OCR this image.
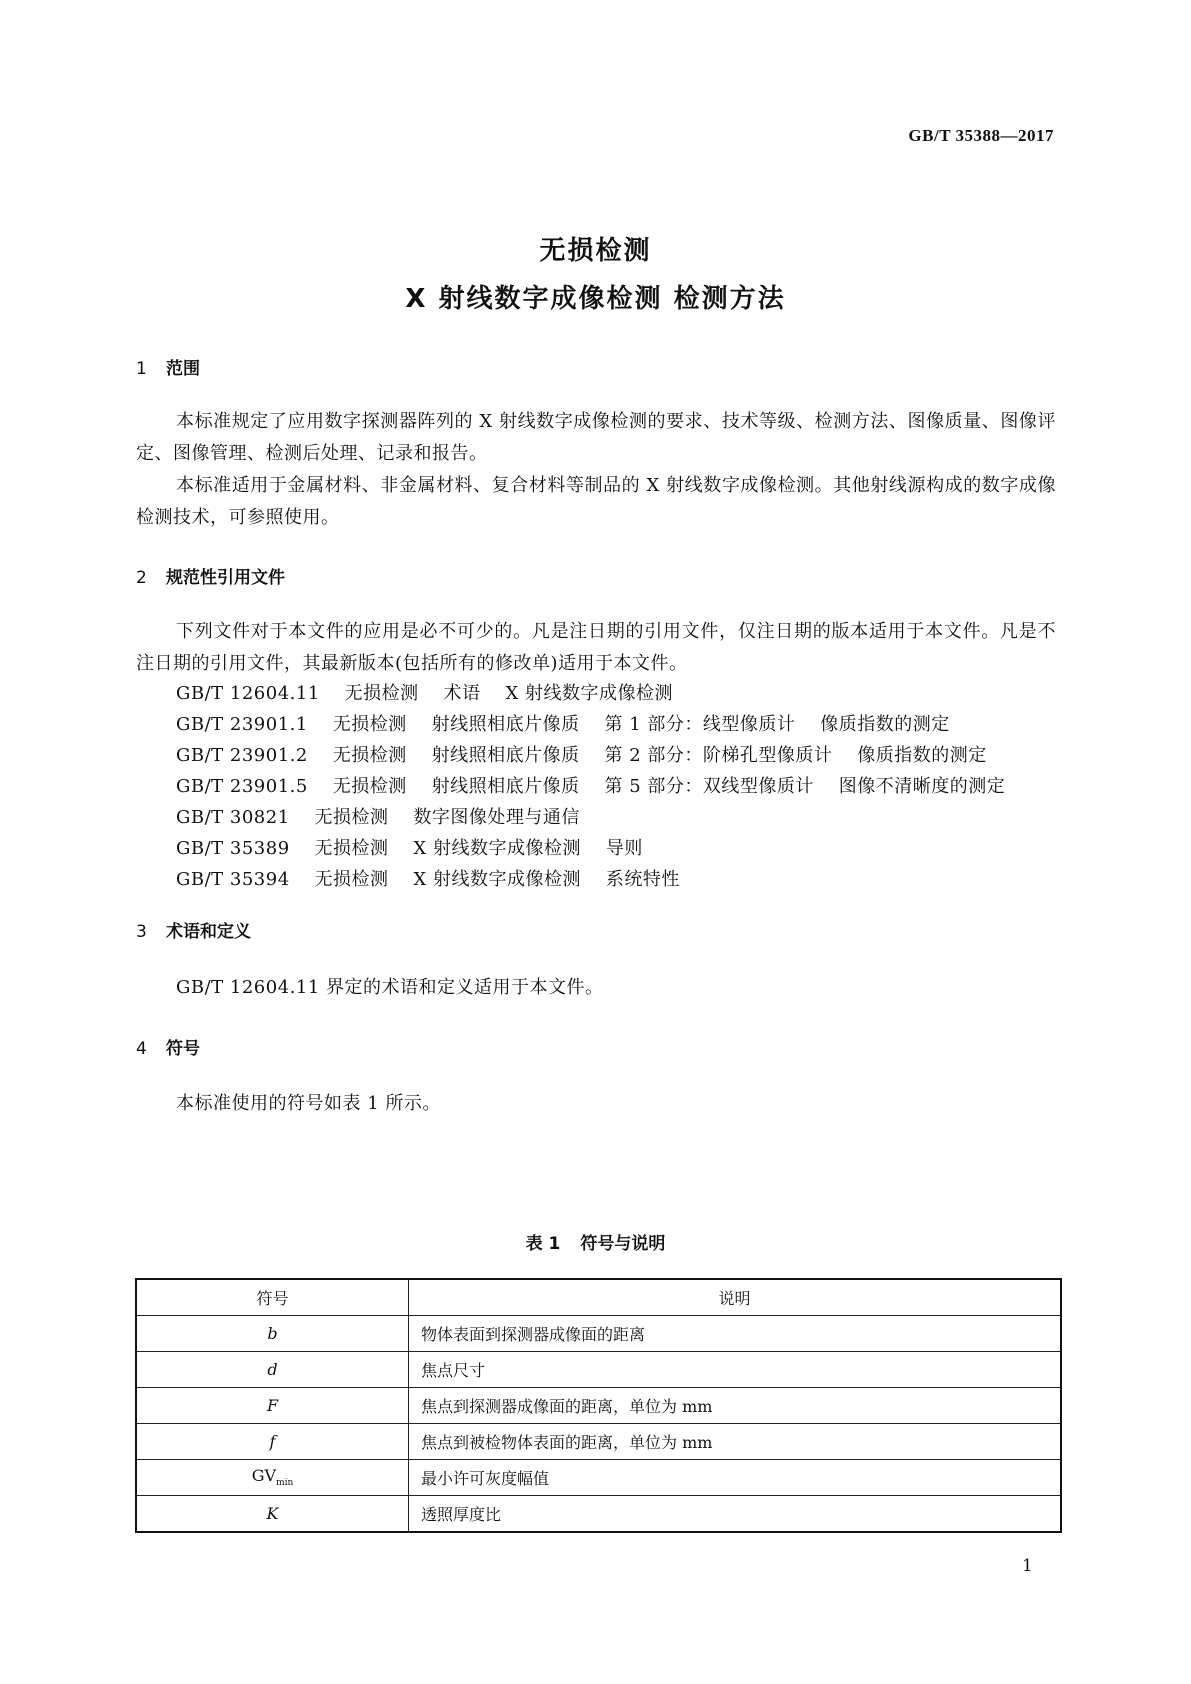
GB/T 35388—2017
无损检测
X 射线数字成像检测 检测方法
1 范围
本标准规定了应用数字探测器阵列的 X 射线数字成像检测的要求、技术等级、检测方法、图像质量、图像评定、图像管理、检测后处理、记录和报告。
本标准适用于金属材料、非金属材料、复合材料等制品的 X 射线数字成像检测。其他射线源构成的数字成像检测技术，可参照使用。
2 规范性引用文件
下列文件对于本文件的应用是必不可少的。凡是注日期的引用文件，仅注日期的版本适用于本文件。凡是不注日期的引用文件，其最新版本(包括所有的修改单)适用于本文件。
GB/T 12604.11    无损检测    术语    X 射线数字成像检测
GB/T 23901.1    无损检测    射线照相底片像质    第 1 部分：线型像质计    像质指数的测定
GB/T 23901.2    无损检测    射线照相底片像质    第 2 部分：阶梯孔型像质计    像质指数的测定
GB/T 23901.5    无损检测    射线照相底片像质    第 5 部分：双线型像质计    图像不清晰度的测定
GB/T 30821    无损检测    数字图像处理与通信
GB/T 35389    无损检测    X 射线数字成像检测    导则
GB/T 35394    无损检测    X 射线数字成像检测    系统特性
3 术语和定义
GB/T 12604.11 界定的术语和定义适用于本文件。
4 符号
本标准使用的符号如表 1 所示。
表 1 符号与说明
符号	说明
b	物体表面到探测器成像面的距离
d	焦点尺寸
F	焦点到探测器成像面的距离，单位为 mm
f	焦点到被检物体表面的距离，单位为 mm
$GV_{min}$	最小许可灰度幅值
K	透照厚度比
1
